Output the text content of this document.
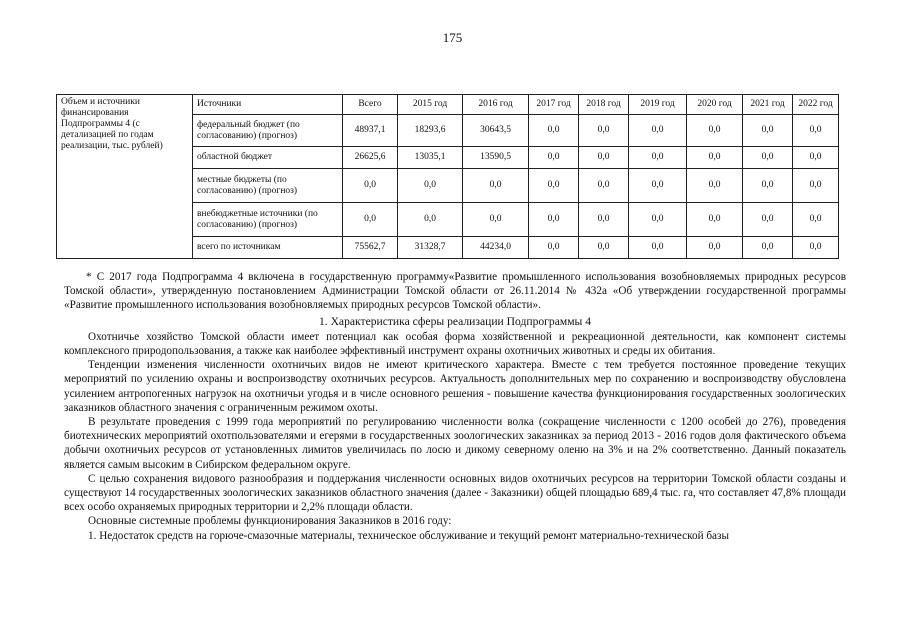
175
Объем и источники финансирования Подпрограммы 4 (с детализацией по годам реализации, тыс. рублей)	Источники	Всего	2015 год	2016 год	2017 год	2018 год	2019 год	2020 год	2021 год	2022 год
	федеральный бюджет (по согласованию) (прогноз)	48937,1	18293,6	30643,5	0,0	0,0	0,0	0,0	0,0	0,0
	областной бюджет	26625,6	13035,1	13590,5	0,0	0,0	0,0	0,0	0,0	0,0
	местные бюджеты (по согласованию) (прогноз)	0,0	0,0	0,0	0,0	0,0	0,0	0,0	0,0	0,0
	внебюджетные источники (по согласованию) (прогноз)	0,0	0,0	0,0	0,0	0,0	0,0	0,0	0,0	0,0
	всего по источникам	75562,7	31328,7	44234,0	0,0	0,0	0,0	0,0	0,0	0,0

* С 2017 года Подпрограмма 4 включена в государственную программу«Развитие промышленного использования возобновляемых природных ресурсов Томской области», утвержденную постановлением Администрации Томской области от 26.11.2014 № 432а «Об утверждении государственной программы «Развитие промышленного использования возобновляемых природных ресурсов Томской области».

1. Характеристика сферы реализации Подпрограммы 4

Охотничье хозяйство Томской области имеет потенциал как особая форма хозяйственной и рекреационной деятельности, как компонент системы комплексного природопользования, а также как наиболее эффективный инструмент охраны охотничьих животных и среды их обитания.

Тенденции изменения численности охотничьих видов не имеют критического характера. Вместе с тем требуется постоянное проведение текущих мероприятий по усилению охраны и воспроизводству охотничьих ресурсов. Актуальность дополнительных мер по сохранению и воспроизводству обусловлена усилением антропогенных нагрузок на охотничьи угодья и в числе основного решения - повышение качества функционирования государственных зоологических заказников областного значения с ограниченным режимом охоты.

В результате проведения с 1999 года мероприятий по регулированию численности волка (сокращение численности с 1200 особей до 276), проведения биотехнических мероприятий охотпользователями и егерями в государственных зоологических заказниках за период 2013 - 2016 годов доля фактического объема добычи охотничьих ресурсов от установленных лимитов увеличилась по лосю и дикому северному оленю на 3% и на 2% соответственно. Данный показатель является самым высоким в Сибирском федеральном округе.

С целью сохранения видового разнообразия и поддержания численности основных видов охотничьих ресурсов на территории Томской области созданы и существуют 14 государственных зоологических заказников областного значения (далее - Заказники) общей площадью 689,4 тыс. га, что составляет 47,8% площади всех особо охраняемых природных территории и 2,2% площади области.

Основные системные проблемы функционирования Заказников в 2016 году:

1. Недостаток средств на горюче-смазочные материалы, техническое обслуживание и текущий ремонт материально-технической базы
